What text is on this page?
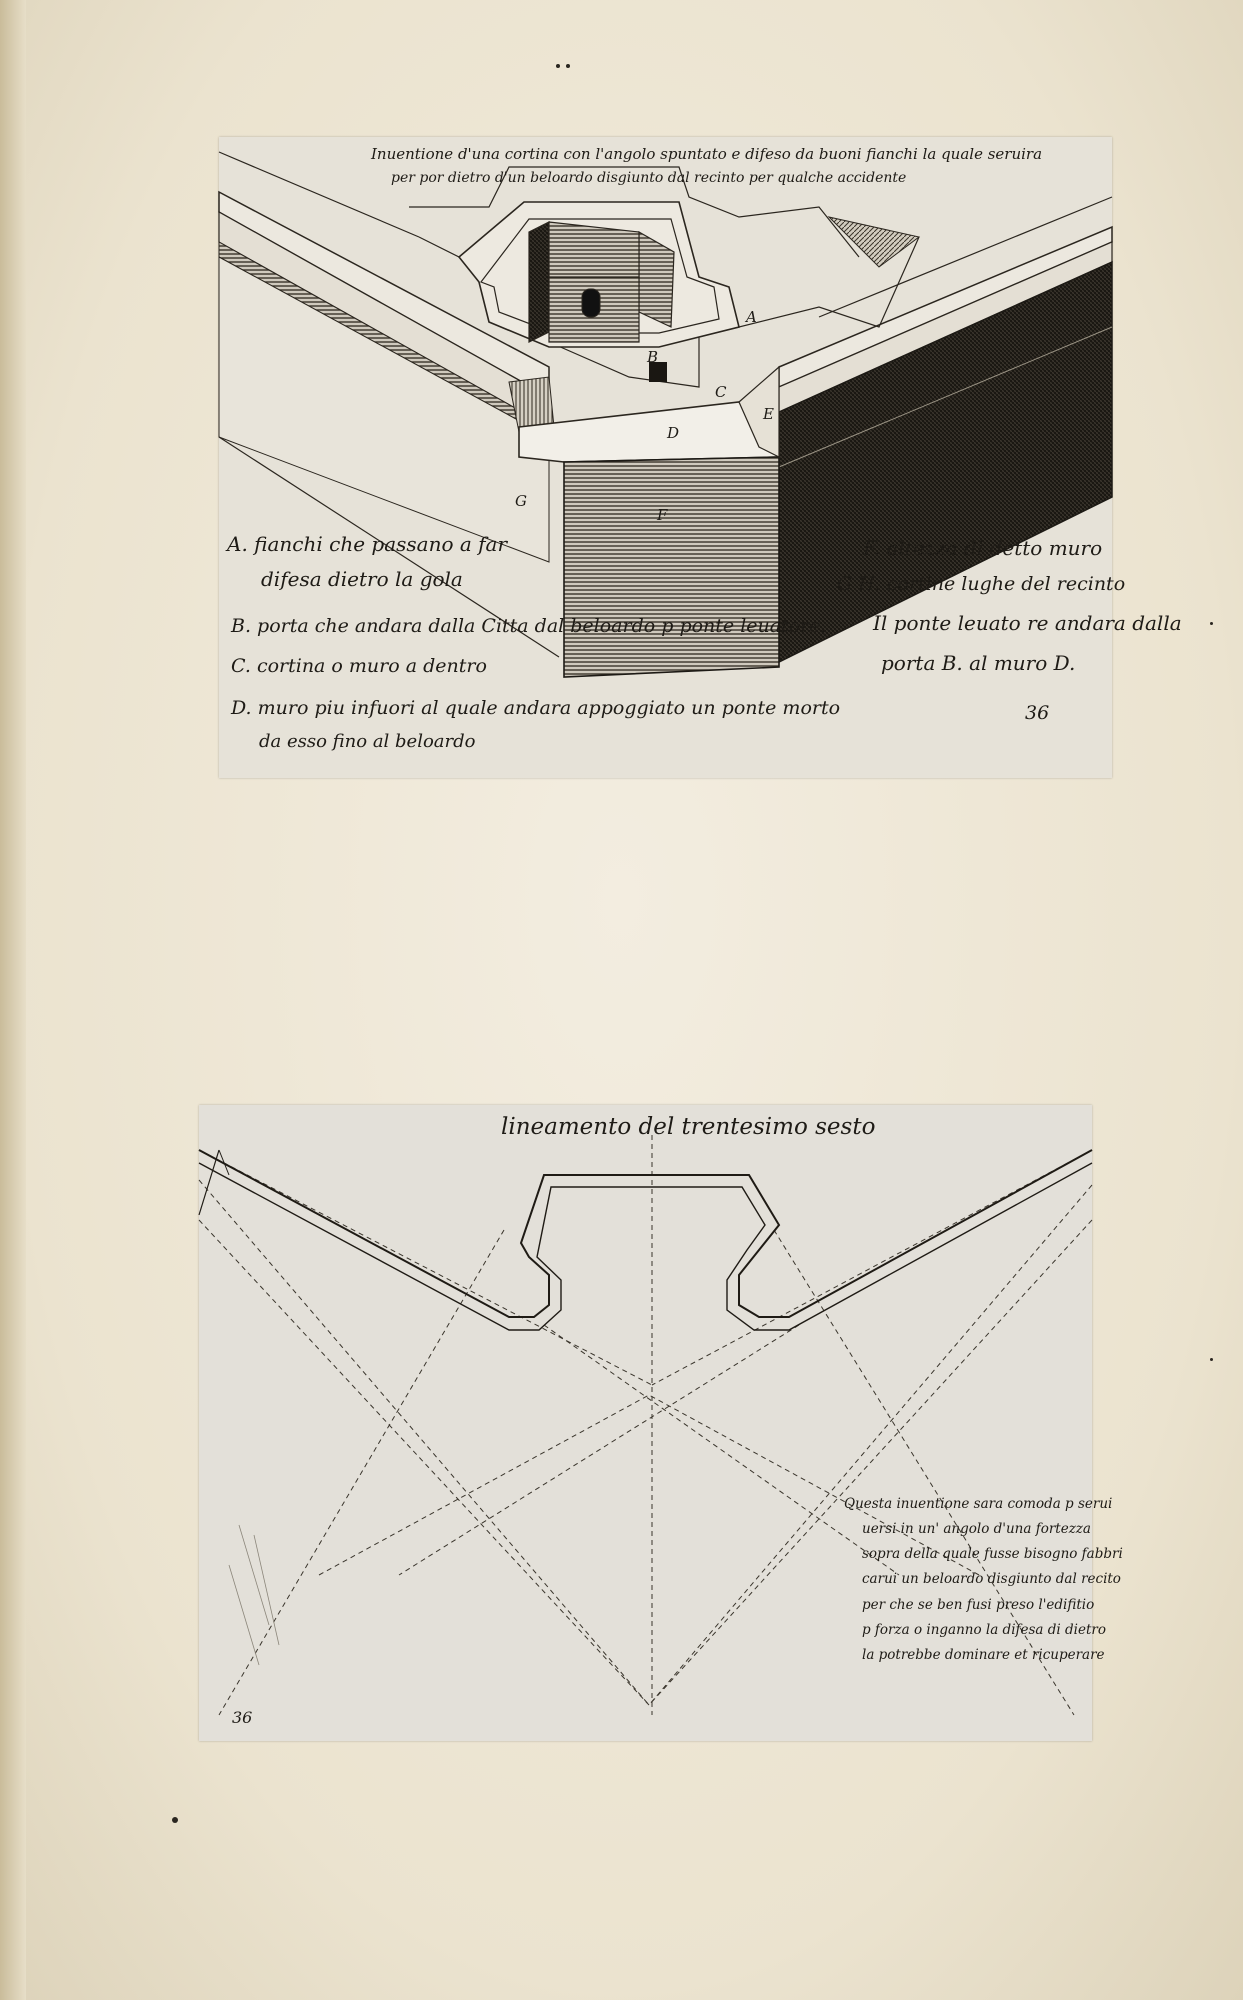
Inuentione d'una cortina con l'angolo spuntato e difeso da buoni fianchi la quale seruira
per por dietro d'un beloardo disgiunto dal recinto per qualche accidente
A
B
C
D
E
F
G
A. fianchi che passano a far
difesa dietro la gola
B. porta che andara dalla Citta dal beloardo p ponte leuatore.
C. cortina o muro a dentro
D. muro piu infuori al quale andara appoggiato un ponte morto
da esso fino al beloardo
F. altezza di detto muro
G H. cortine lughe del recinto
Il ponte leuato re andara dalla
porta B. al muro D.
36
lineamento del trentesimo sesto
Questa inuentione sara comoda p serui
uersi in un' angolo d'una fortezza
sopra della quale fusse bisogno fabbri
carui un beloardo disgiunto dal recito
per che se ben fusi preso l'edifitio
p forza o inganno la difesa di dietro
la potrebbe dominare et ricuperare
36
